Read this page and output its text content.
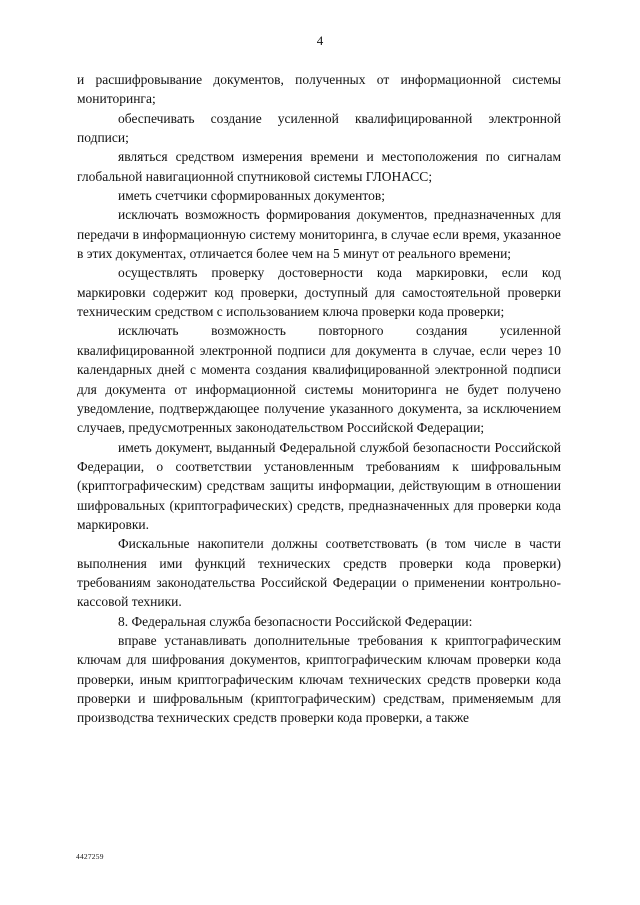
4

и расшифровывание документов, полученных от информационной системы мониторинга;

обеспечивать создание усиленной квалифицированной электронной подписи;

являться средством измерения времени и местоположения по сигналам глобальной навигационной спутниковой системы ГЛОНАСС;

иметь счетчики сформированных документов;

исключать возможность формирования документов, предназначенных для передачи в информационную систему мониторинга, в случае если время, указанное в этих документах, отличается более чем на 5 минут от реального времени;

осуществлять проверку достоверности кода маркировки, если код маркировки содержит код проверки, доступный для самостоятельной проверки техническим средством с использованием ключа проверки кода проверки;

исключать возможность повторного создания усиленной квалифицированной электронной подписи для документа в случае, если через 10 календарных дней с момента создания квалифицированной электронной подписи для документа от информационной системы мониторинга не будет получено уведомление, подтверждающее получение указанного документа, за исключением случаев, предусмотренных законодательством Российской Федерации;

иметь документ, выданный Федеральной службой безопасности Российской Федерации, о соответствии установленным требованиям к шифровальным (криптографическим) средствам защиты информации, действующим в отношении шифровальных (криптографических) средств, предназначенных для проверки кода маркировки.

Фискальные накопители должны соответствовать (в том числе в части выполнения ими функций технических средств проверки кода проверки) требованиям законодательства Российской Федерации о применении контрольно-кассовой техники.

8. Федеральная служба безопасности Российской Федерации:

вправе устанавливать дополнительные требования к криптографическим ключам для шифрования документов, криптографическим ключам проверки кода проверки, иным криптографическим ключам технических средств проверки кода проверки и шифровальным (криптографическим) средствам, применяемым для производства технических средств проверки кода проверки, а также

4427259
